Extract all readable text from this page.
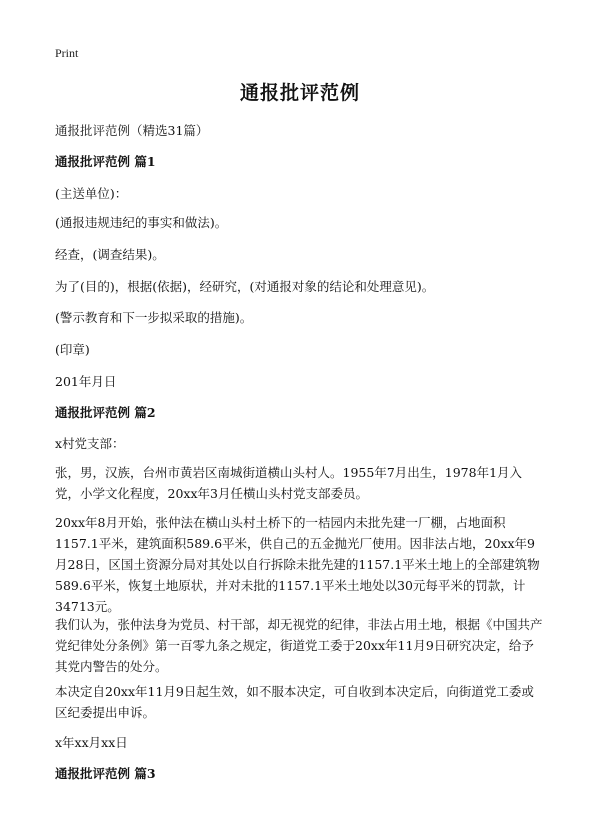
Print
通报批评范例
通报批评范例（精选31篇）
通报批评范例 篇1
(主送单位)：
(通报违规违纪的事实和做法)。
经查，(调查结果)。
为了(目的)，根据(依据)，经研究，(对通报对象的结论和处理意见)。
(警示教育和下一步拟采取的措施)。
(印章)
201年月日
通报批评范例 篇2
x村党支部：
张，男，汉族，台州市黄岩区南城街道横山头村人。1955年7月出生，1978年1月入党，小学文化程度，20xx年3月任横山头村党支部委员。
20xx年8月开始，张仲法在横山头村土桥下的一桔园内未批先建一厂棚，占地面积1157.1平米，建筑面积589.6平米，供自己的五金抛光厂使用。因非法占地，20xx年9月28日，区国土资源分局对其处以自行拆除未批先建的1157.1平米土地上的全部建筑物589.6平米，恢复土地原状，并对未批的1157.1平米土地处以30元每平米的罚款，计34713元。
我们认为，张仲法身为党员、村干部，却无视党的纪律，非法占用土地，根据《中国共产党纪律处分条例》第一百零九条之规定，街道党工委于20xx年11月9日研究决定，给予其党内警告的处分。
本决定自20xx年11月9日起生效，如不服本决定，可自收到本决定后，向街道党工委或区纪委提出申诉。
x年xx月xx日
通报批评范例 篇3
